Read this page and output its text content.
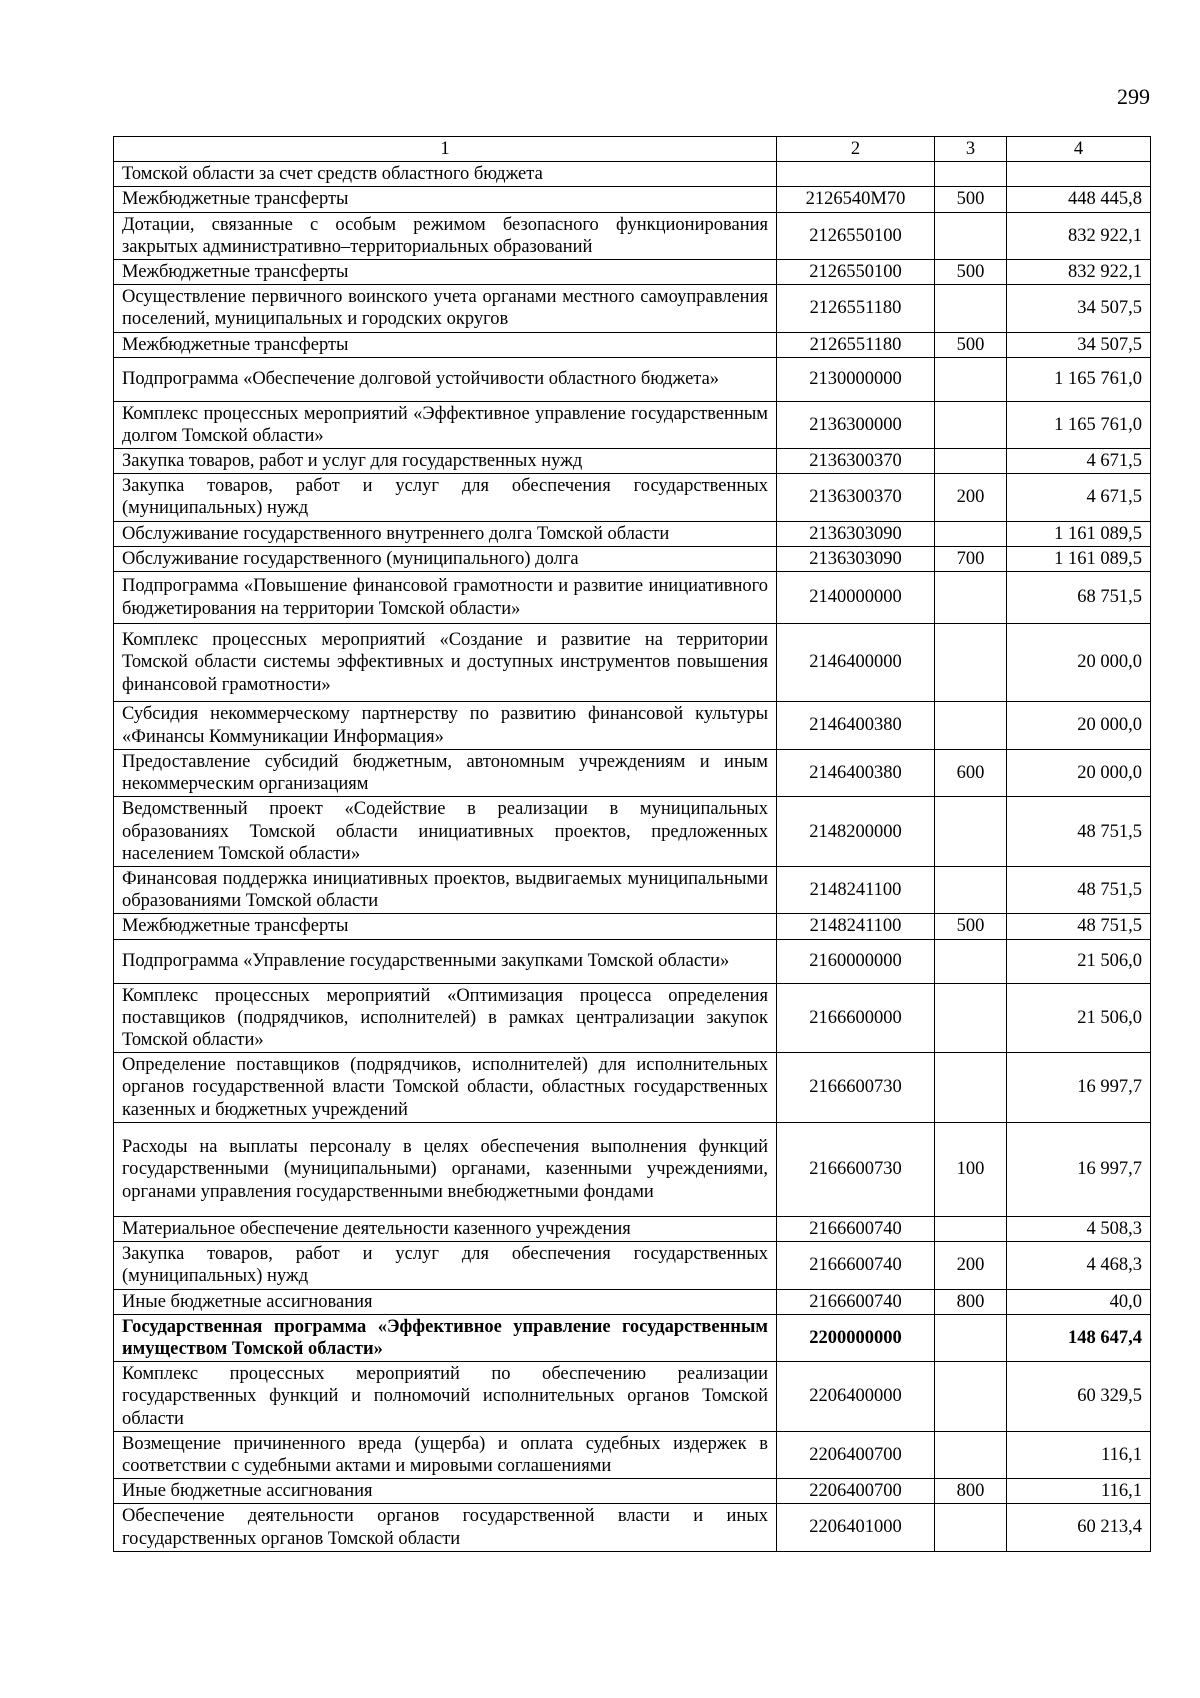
299
1	2	3	4
Томской области за счет средств областного бюджета			
Межбюджетные трансферты	2126540М70	500	448 445,8
Дотации, связанные с особым режимом безопасного функционирования закрытых административно–территориальных образований	2126550100		832 922,1
Межбюджетные трансферты	2126550100	500	832 922,1
Осуществление первичного воинского учета органами местного самоуправления поселений, муниципальных и городских округов	2126551180		34 507,5
Межбюджетные трансферты	2126551180	500	34 507,5
Подпрограмма «Обеспечение долговой устойчивости областного бюджета»	2130000000		1 165 761,0
Комплекс процессных мероприятий «Эффективное управление государственным долгом Томской области»	2136300000		1 165 761,0
Закупка товаров, работ и услуг для государственных нужд	2136300370		4 671,5
Закупка товаров, работ и услуг для обеспечения государственных (муниципальных) нужд	2136300370	200	4 671,5
Обслуживание государственного внутреннего долга Томской области	2136303090		1 161 089,5
Обслуживание государственного (муниципального) долга	2136303090	700	1 161 089,5
Подпрограмма «Повышение финансовой грамотности и развитие инициативного бюджетирования на территории Томской области»	2140000000		68 751,5
Комплекс процессных мероприятий «Создание и развитие на территории Томской области системы эффективных и доступных инструментов повышения финансовой грамотности»	2146400000		20 000,0
Субсидия некоммерческому партнерству по развитию финансовой культуры «Финансы Коммуникации Информация»	2146400380		20 000,0
Предоставление субсидий бюджетным, автономным учреждениям и иным некоммерческим организациям	2146400380	600	20 000,0
Ведомственный проект «Содействие в реализации в муниципальных образованиях Томской области инициативных проектов, предложенных населением Томской области»	2148200000		48 751,5
Финансовая поддержка инициативных проектов, выдвигаемых муниципальными образованиями Томской области	2148241100		48 751,5
Межбюджетные трансферты	2148241100	500	48 751,5
Подпрограмма «Управление государственными закупками Томской области»	2160000000		21 506,0
Комплекс процессных мероприятий «Оптимизация процесса определения поставщиков (подрядчиков, исполнителей) в рамках централизации закупок Томской области»	2166600000		21 506,0
Определение поставщиков (подрядчиков, исполнителей) для исполнительных органов государственной власти Томской области, областных государственных казенных и бюджетных учреждений	2166600730		16 997,7
Расходы на выплаты персоналу в целях обеспечения выполнения функций государственными (муниципальными) органами, казенными учреждениями, органами управления государственными внебюджетными фондами	2166600730	100	16 997,7
Материальное обеспечение деятельности казенного учреждения	2166600740		4 508,3
Закупка товаров, работ и услуг для обеспечения государственных (муниципальных) нужд	2166600740	200	4 468,3
Иные бюджетные ассигнования	2166600740	800	40,0
Государственная программа «Эффективное управление государственным имуществом Томской области»	2200000000		148 647,4
Комплекс процессных мероприятий по обеспечению реализации государственных функций и полномочий исполнительных органов Томской области	2206400000		60 329,5
Возмещение причиненного вреда (ущерба) и оплата судебных издержек в соответствии с судебными актами и мировыми соглашениями	2206400700		116,1
Иные бюджетные ассигнования	2206400700	800	116,1
Обеспечение деятельности органов государственной власти и иных государственных органов Томской области	2206401000		60 213,4
